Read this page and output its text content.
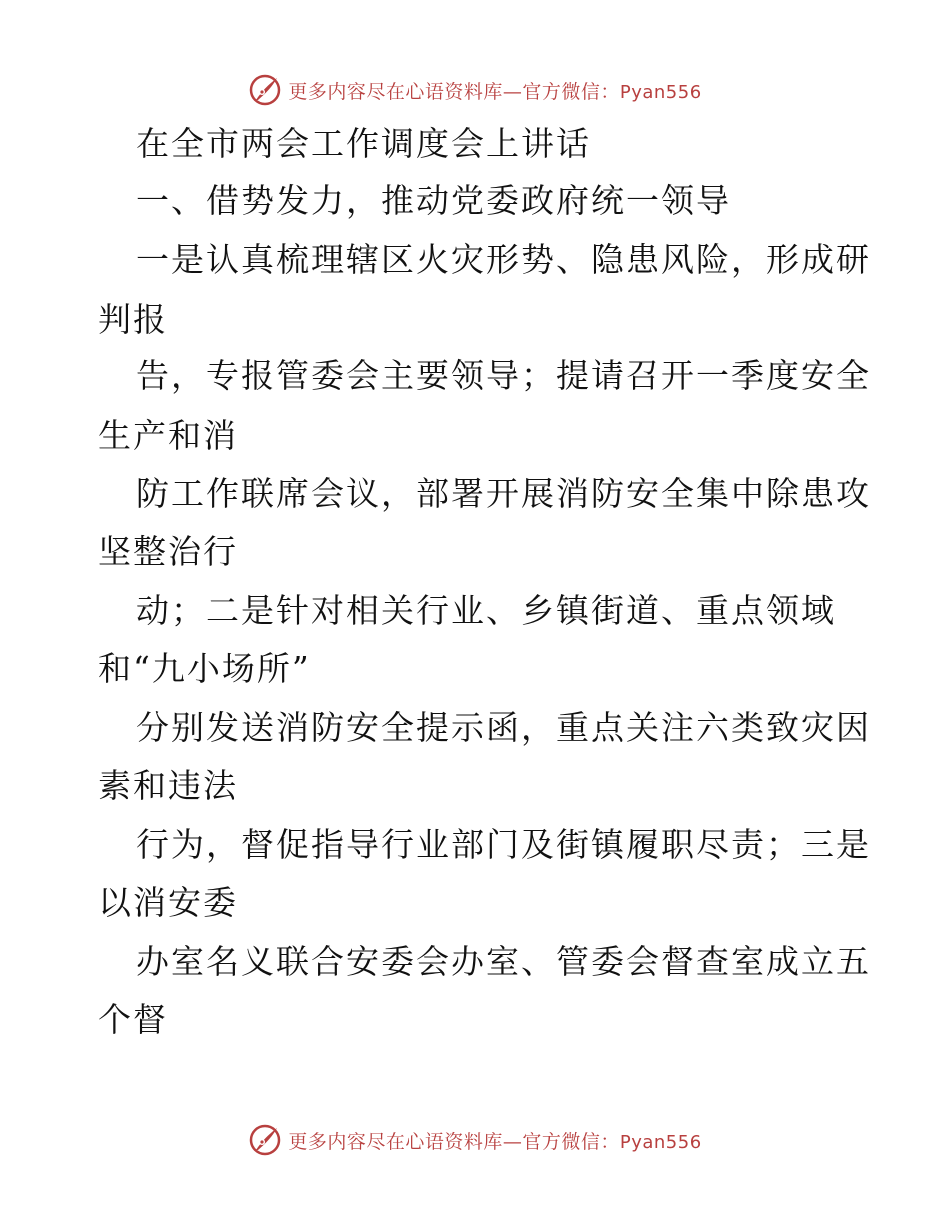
更多内容尽在心语资料库—官方微信：Pyan556
在全市两会工作调度会上讲话
一、借势发力，推动党委政府统一领导
一是认真梳理辖区火灾形势、隐患风险，形成研
判报
告，专报管委会主要领导；提请召开一季度安全
生产和消
防工作联席会议，部署开展消防安全集中除患攻
坚整治行
动；二是针对相关行业、乡镇街道、重点领域
和“九小场所”
分别发送消防安全提示函，重点关注六类致灾因
素和违法
行为，督促指导行业部门及街镇履职尽责；三是
以消安委
办室名义联合安委会办室、管委会督查室成立五
个督
更多内容尽在心语资料库—官方微信：Pyan556
